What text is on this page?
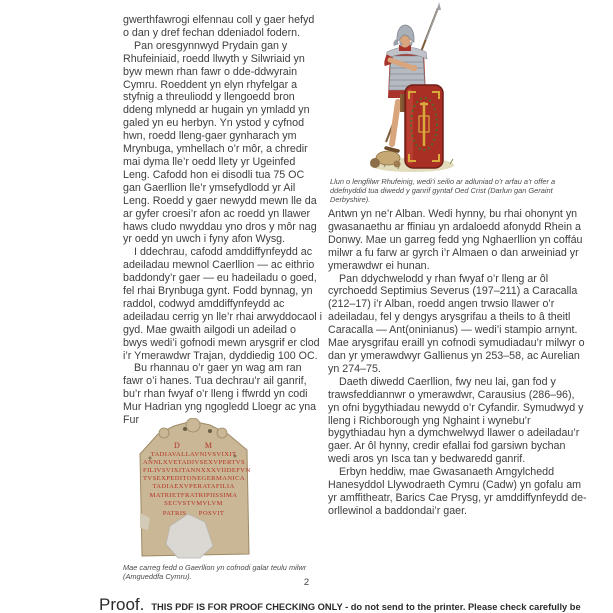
gwerthfawrogi elfennau coll y gaer hefyd o dan y dref fechan ddeniadol fodern.

Pan oresgynnwyd Prydain gan y Rhufeiniaid, roedd llwyth y Silwriaid yn byw mewn rhan fawr o dde-ddwyrain Cymru. Roeddent yn elyn rhyfelgar a styfnig a threuliodd y llengoedd bron ddeng mlynedd ar hugain yn ymladd yn galed yn eu herbyn. Yn ystod y cyfnod hwn, roedd lleng-gaer gynharach ym Mrynbuga, ymhellach o’r môr, a chredir mai dyma lle’r oedd llety yr Ugeinfed Leng. Cafodd hon ei disodli tua 75 OC gan Gaerllion lle’r ymsefydlodd yr Ail Leng. Roedd y gaer newydd mewn lle da ar gyfer croesi’r afon ac roedd yn llawer haws cludo nwyddau yno dros y môr nag yr oedd yn uwch i fyny afon Wysg.

I ddechrau, cafodd amddiffynfeydd ac adeiladau mewnol Caerllion — ac eithrio baddondy’r gaer — eu hadeiladu o goed, fel rhai Brynbuga gynt. Fodd bynnag, yn raddol, codwyd amddiffynfeydd ac adeiladau cerrig yn lle’r rhai arwyddocaol i gyd. Mae gwaith ailgodi un adeilad o bwys wedi’i gofnodi mewn arysgrif er clod i’r Ymerawdwr Trajan, dyddiedig 100 OC.

Bu rhannau o’r gaer yn wag am ran fawr o’i hanes. Tua dechrau’r ail ganrif, bu’r rhan fwyaf o’r lleng i ffwrdd yn codi Mur Hadrian yng ngogledd Lloegr ac yna Fur

Llun o lengfilwr Rhufeinig, wedi’i seilio ar adluniad o’r arfau a’r offer a ddefnyddid tua diwedd y ganrif gyntaf Oed Crist (Darlun gan Geraint Derbyshire).

Antwn yn ne’r Alban. Wedi hynny, bu rhai ohonynt yn gwasanaethu ar ffiniau yn ardaloedd afonydd Rhein a Donwy. Mae un garreg fedd yng Nghaerllion yn coffáu milwr a fu farw ar gyrch i’r Almaen o dan arweiniad yr ymerawdwr ei hunan.

Pan ddychwelodd y rhan fwyaf o’r lleng ar ôl cyrchoedd Septimius Severus (197–211) a Caracalla (212–17) i’r Alban, roedd angen trwsio llawer o’r adeiladau, fel y dengys arysgrifau a theils to â theitl Caracalla — Ant(oninianus) — wedi’i stampio arnynt. Mae arysgrifau eraill yn cofnodi symudiadau’r milwyr o dan yr ymerawdwyr Gallienus yn 253–58, ac Aurelian yn 274–75.

Daeth diwedd Caerllion, fwy neu lai, gan fod y trawsfeddiannwr o ymerawdwr, Carausius (286–96), yn ofni bygythiadau newydd o’r Cyfandir. Symudwyd y lleng i Richborough yng Nghaint i wynebu’r bygythiadau hyn a dymchwelwyd llawer o adeiladau’r gaer. Ar ôl hynny, credir efallai fod garsiwn bychan wedi aros yn Isca tan y bedwaredd ganrif.

Erbyn heddiw, mae Gwasanaeth Amgylchedd Hanesyddol Llywodraeth Cymru (Cadw) yn gofalu am yr amffitheatr, Barics Cae Prysg, yr amddiffynfeydd de-orllewinol a baddondai’r gaer.

D        M
TADIAVALLAVNIVSVIXIT
ANNLXVETADIVSEXVPERTVS
FILIVSVIXITANNXXXVIIDEFVN
TVSEXPEDITONEGERMANICA
TADIAEXVPERATAFILIA
MATRIETFRATRIPIISSIMA
SECVSTVMVLVM
PATRIS      POSVIT
Mae carreg fedd o Gaerllion yn cofnodi galar teulu milwr (Amgueddfa Cymru).
2
Proof. THIS PDF IS FOR PROOF CHECKING ONLY - do not send to the printer. Please check carefully be
